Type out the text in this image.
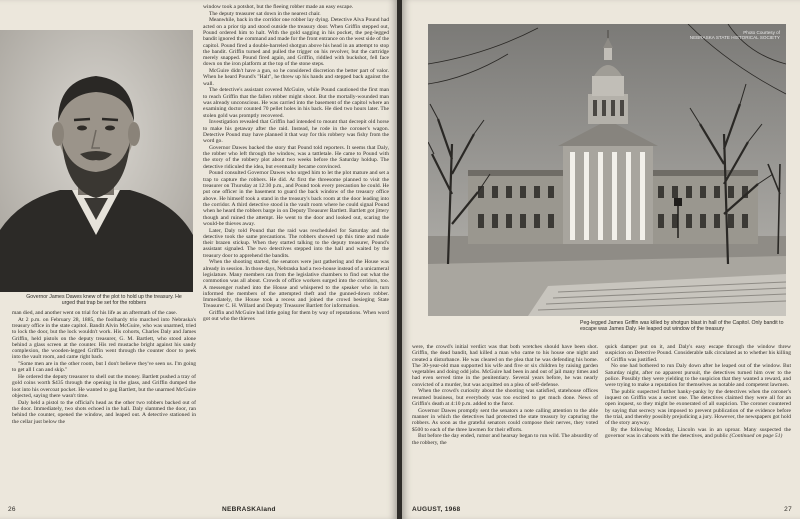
Governor James Dawes knew of the plot to hold up the treasury. He urged that trap be set for the robbers

man died, and another went on trial for his life as an aftermath of the case.

At 2 p.m. on February 28, 1885, the foolhardy trio marched into Nebraska's treasury office in the state capitol. Bandit Alvin McGuire, who was unarmed, tried to lock the door, but the lock wouldn't work. His cohorts, Charles Daly and James Griffin, held pistols on the deputy treasurer, G. M. Bartlett, who stood alone behind a glass screen at the counter. His red mustache bright against his sandy complexion, the wooden-legged Griffin went through the counter door to peek into the vault room, and came right back.

"Some men are in the other room, but I don't believe they've seen us. I'm going to get all I can and skip."

He ordered the deputy treasurer to shell out the money. Bartlett pushed a tray of gold coins worth $435 through the opening in the glass, and Griffin dumped the loot into his overcoat pocket. He wanted to gag Bartlett, but the unarmed McGuire objected, saying there wasn't time.

Daly held a pistol to the official's head as the other two robbers backed out of the door. Immediately, two shots echoed in the hall. Daly slammed the door, ran behind the counter, opened the window, and leaped out. A detective stationed in the cellar just below the

window took a potshot, but the fleeing robber made an easy escape.

The deputy treasurer sat down in the nearest chair.

Meanwhile, back in the corridor one robber lay dying. Detective Alva Pound had acted on a prior tip and stood outside the treasury door. When Griffin stepped out, Pound ordered him to halt. With the gold sagging in his pocket, the peg-legged bandit ignored the command and made for the front entrance on the west side of the capitol. Pound fired a double-barreled shotgun above his head in an attempt to stop the bandit. Griffin turned and pulled the trigger on his revolver, but the cartridge merely snapped. Pound fired again, and Griffin, riddled with buckshot, fell face down on the iron platform at the top of the stone steps.

McGuire didn't have a gun, so he considered discretion the better part of valor. When he heard Pound's "Halt", he threw up his hands and stepped back against the wall.

The detective's assistant covered McGuire, while Pound cautioned the first man to reach Griffin that the fallen robber might shoot. But the mortally-wounded man was already unconscious. He was carried into the basement of the capitol where an examining doctor counted 70 pellet holes in his back. He died two hours later. The stolen gold was promptly recovered.

Investigation revealed that Griffin had intended to mount that decrepit old horse to make his getaway after the raid. Instead, he rode in the coroner's wagon. Detective Pound may have planned it that way for this robbery was fishy from the word go.

Governor Dawes backed the story that Pound told reporters. It seems that Daly, the robber who left through the window, was a tattletale. He came to Pound with the story of the robbery plot about two weeks before the Saturday holdup. The detective ridiculed the idea, but eventually became convinced.

Pound consulted Governor Dawes who urged him to let the plot mature and set a trap to capture the robbers. He did. At first the threesome planned to visit the treasurer on Thursday at 12:30 p.m., and Pound took every precaution he could. He put one officer in the basement to guard the back window of the treasury office above. He himself took a stand in the treasury's back room at the door leading into the corridor. A third detective stood in the vault room where he could signal Pound when he heard the robbers barge in on Deputy Treasurer Bartlett. Bartlett got jittery though and ruined the attempt. He went to the door and looked out, scaring the would-be thieves away.

Later, Daly told Pound that the raid was rescheduled for Saturday and the detective took the same precautions. The robbers showed up this time and made their brazen stickup. When they started talking to the deputy treasurer, Pound's assistant signaled. The two detectives stepped into the hall and waited by the treasury door to apprehend the bandits.

When the shooting started, the senators were just gathering and the House was already in session. In those days, Nebraska had a two-house instead of a unicameral legislature. Many members ran from the legislative chambers to find out what the commotion was all about. Crowds of office workers surged into the corridors, too. A messenger rushed into the House and whispered to the speaker who in turn informed the members of the attempted theft and the gunned-down robber. Immediately, the House took a recess and joined the crowd besieging State Treasurer C. H. Willard and Deputy Treasurer Bartlett for information.

Griffin and McGuire had little going for them by way of reputations. When word got out who the thieves

26	NEBRASKAland
Photo Courtesy of
NEBRASKA STATE HISTORICAL SOCIETY
Peg-legged James Griffin was killed by shotgun blast in hall of the Capitol. Only bandit to escape was James Daly. He leaped out window of the treasury

were, the crowd's initial verdict was that both wretches should have been shot. Griffin, the dead bandit, had killed a man who came to his house one night and created a disturbance. He was cleared on the plea that he was defending his home. The 30-year-old man supported his wife and five or six children by raising garden vegetables and doing odd jobs. McGuire had been in and out of jail many times and had even served time in the penitentiary. Several years before, he was nearly convicted of a murder, but was acquitted on a plea of self-defense.

When the crowd's curiosity about the shooting was satisfied, statehouse offices resumed business, but everybody was too excited to get much done. News of Griffin's death at 4:10 p.m. added to the furor.

Governor Dawes promptly sent the senators a note calling attention to the able manner in which the detectives had protected the state treasury by capturing the robbers. As soon as the grateful senators could compose their nerves, they voted $500 to each of the three lawmen for their efforts.

But before the day ended, rumor and hearsay began to run wild. The absurdity of the robbery, the

quick damper put on it, and Daly's easy escape through the window threw suspicion on Detective Pound. Considerable talk circulated as to whether his killing of Griffin was justified.

No one had bothered to run Daly down after he leaped out of the window. But Saturday night, after no apparent pursuit, the detectives turned him over to the police. Possibly they were yielding to the suspicion that they wanted a reward, and were trying to make a reputation for themselves as notable and competent lawmen.

The public suspected further hanky-panky by the detectives when the coroner's inquest on Griffin was a secret one. The detectives claimed they were all for an open inquest, so they might be exonerated of all suspicion. The coroner countered by saying that secrecy was imposed to prevent publication of the evidence before the trial, and thereby possibly prejudicing a jury. However, the newspapers got hold of the story anyway.

By the following Monday, Lincoln was in an uproar. Many suspected the governor was in cahoots with the detectives, and public (Continued on page 51)

AUGUST, 1968	27
